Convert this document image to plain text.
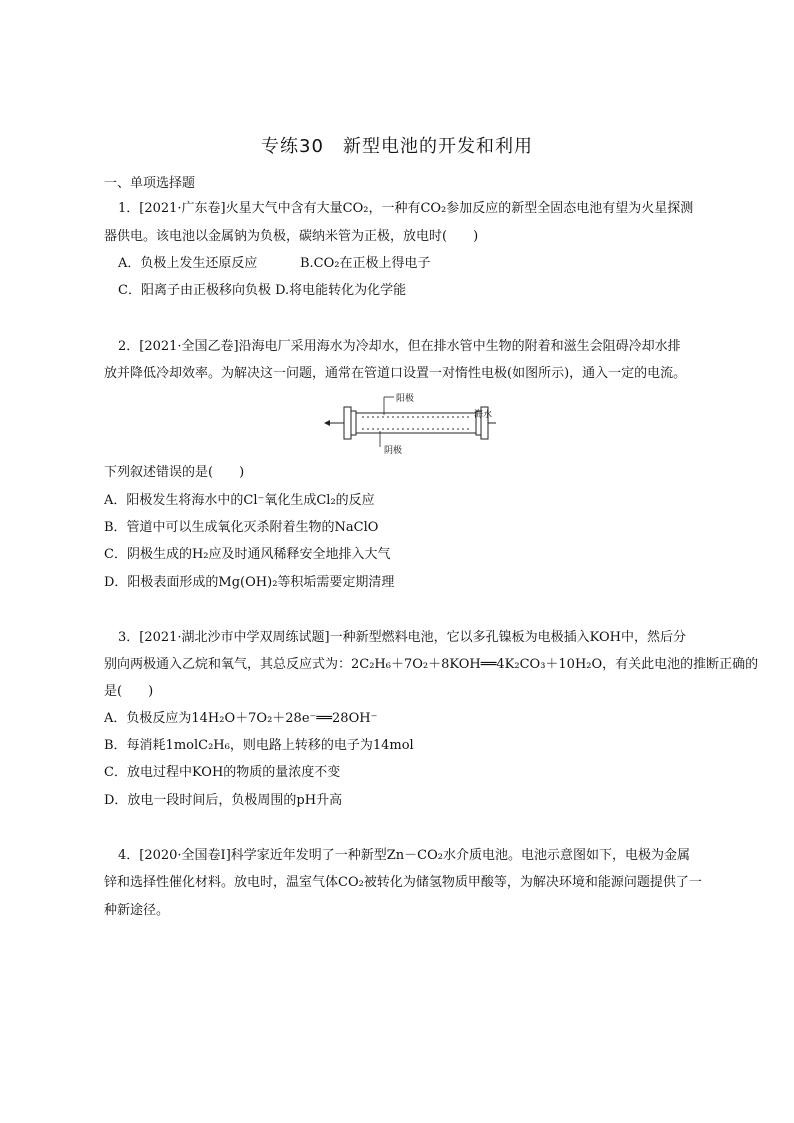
专练30　新型电池的开发和利用
一、单项选择题
1．[2021·广东卷]火星大气中含有大量CO₂，一种有CO₂参加反应的新型全固态电池有望为火星探测
器供电。该电池以金属钠为负极，碳纳米管为正极，放电时(　　)
A．负极上发生还原反应	B.CO₂在正极上得电子
C．阳离子由正极移向负极 D.将电能转化为化学能
2．[2021·全国乙卷]沿海电厂采用海水为冷却水，但在排水管中生物的附着和滋生会阻碍冷却水排
放并降低冷却效率。为解决这一问题，通常在管道口设置一对惰性电极(如图所示)，通入一定的电流。
阳极
阴极
海水
下列叙述错误的是(　　)
A．阳极发生将海水中的Cl⁻氧化生成Cl₂的反应
B．管道中可以生成氧化灭杀附着生物的NaClO
C．阴极生成的H₂应及时通风稀释安全地排入大气
D．阳极表面形成的Mg(OH)₂等积垢需要定期清理
3．[2021·湖北沙市中学双周练试题]一种新型燃料电池，它以多孔镍板为电极插入KOH中，然后分
别向两极通入乙烷和氧气，其总反应式为：2C₂H₆＋7O₂＋8KOH══4K₂CO₃＋10H₂O，有关此电池的推断正确的
是(　　)
A．负极反应为14H₂O＋7O₂＋28e⁻══28OH⁻
B．每消耗1molC₂H₆，则电路上转移的电子为14mol
C．放电过程中KOH的物质的量浓度不变
D．放电一段时间后，负极周围的pH升高
4．[2020·全国卷Ⅰ]科学家近年发明了一种新型Zn－CO₂水介质电池。电池示意图如下，电极为金属
锌和选择性催化材料。放电时，温室气体CO₂被转化为储氢物质甲酸等，为解决环境和能源问题提供了一
种新途径。
